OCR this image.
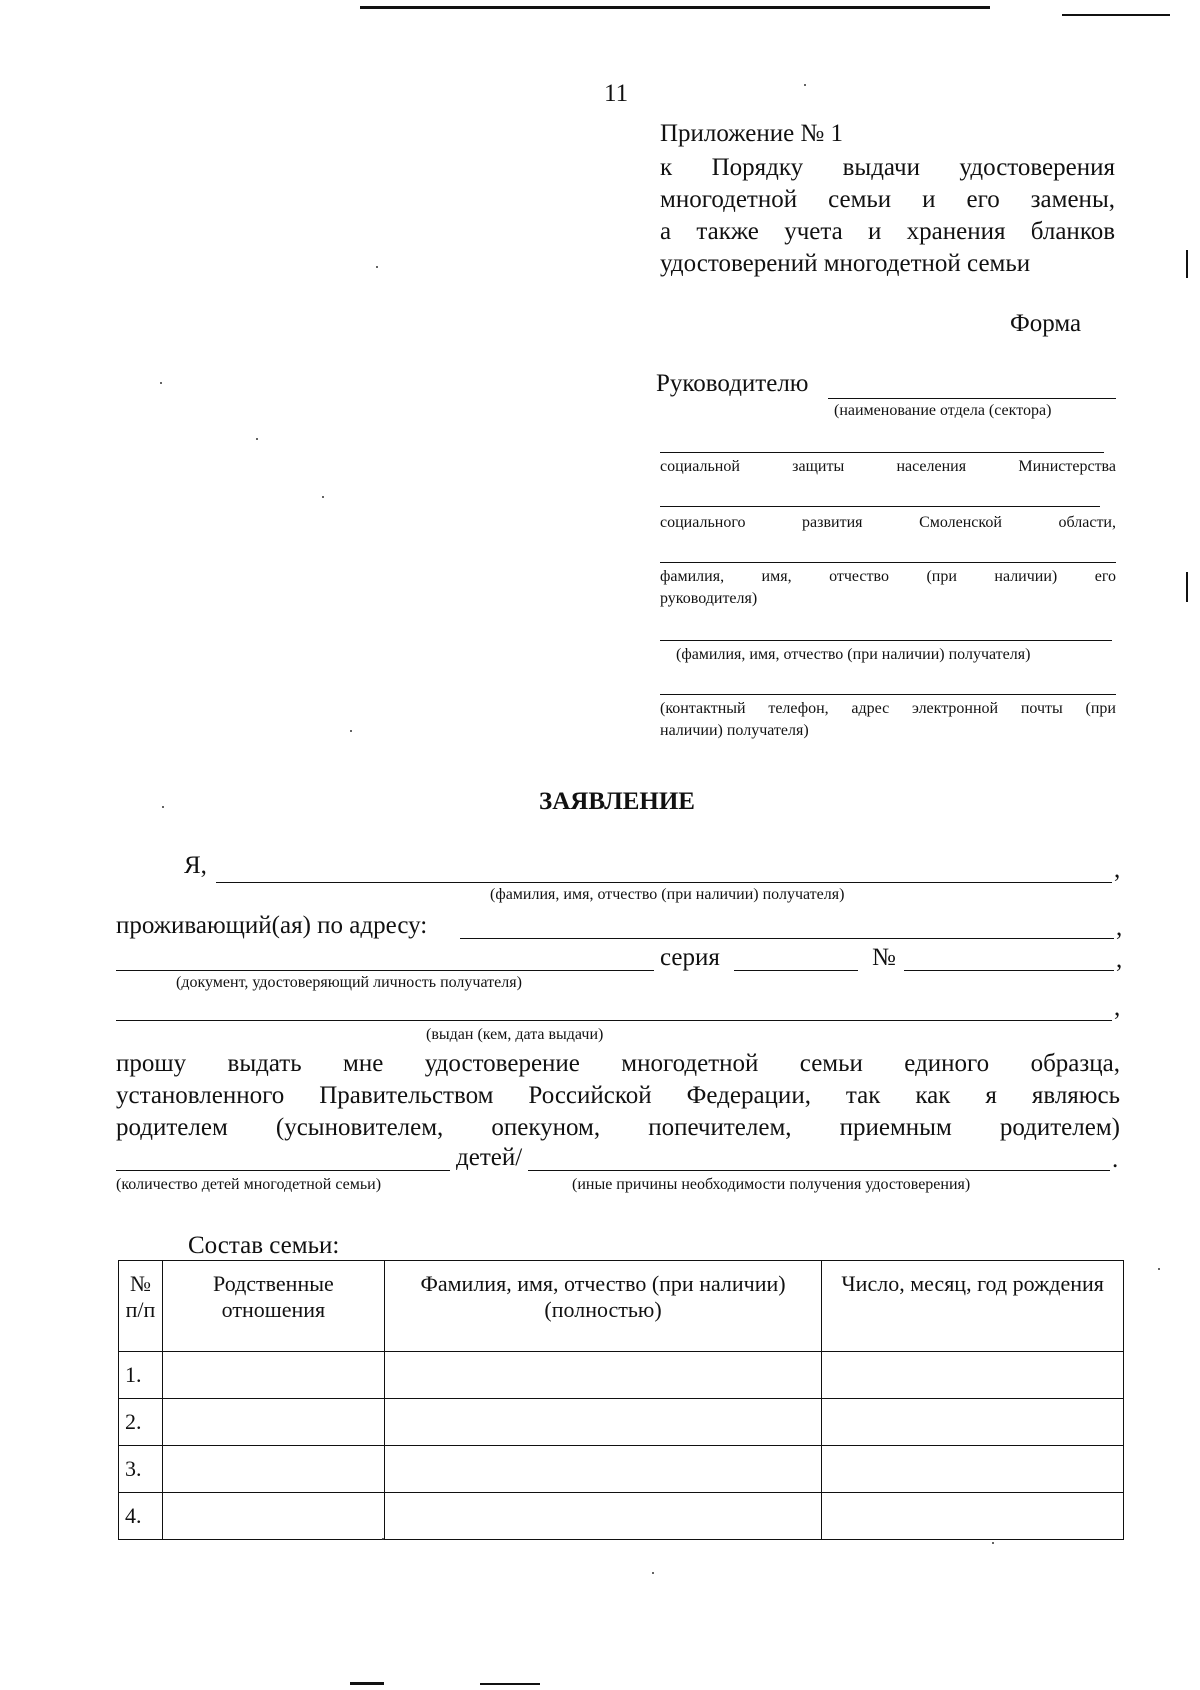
11
Приложение № 1
к Порядку выдачи удостоверения
многодетной семьи и его замены,
а также учета и хранения бланков
удостоверений многодетной семьи
Форма
Руководителю
(наименование отдела (сектора)
социальной защиты населения Министерства
социального развития Смоленской области,
фамилия, имя, отчество (при наличии) его
руководителя)
(фамилия, имя, отчество (при наличии) получателя)
(контактный телефон, адрес электронной почты (при
наличии) получателя)
ЗАЯВЛЕНИЕ
Я,	,
(фамилия, имя, отчество (при наличии) получателя)
проживающий(ая) по адресу:	,
серия	№	,
(документ, удостоверяющий личность получателя)
,
(выдан (кем, дата выдачи)
прошу выдать мне удостоверение многодетной семьи единого образца,
установленного Правительством Российской Федерации, так как я являюсь
родителем (усыновителем, опекуном, попечителем, приемным родителем)
детей/	.
(количество детей многодетной семьи)	(иные причины необходимости получения удостоверения)
Состав семьи:
№ п/п	Родственные отношения	Фамилия, имя, отчество (при наличии) (полностью)	Число, месяц, год рождения
1.			
2.			
3.			
4.			
